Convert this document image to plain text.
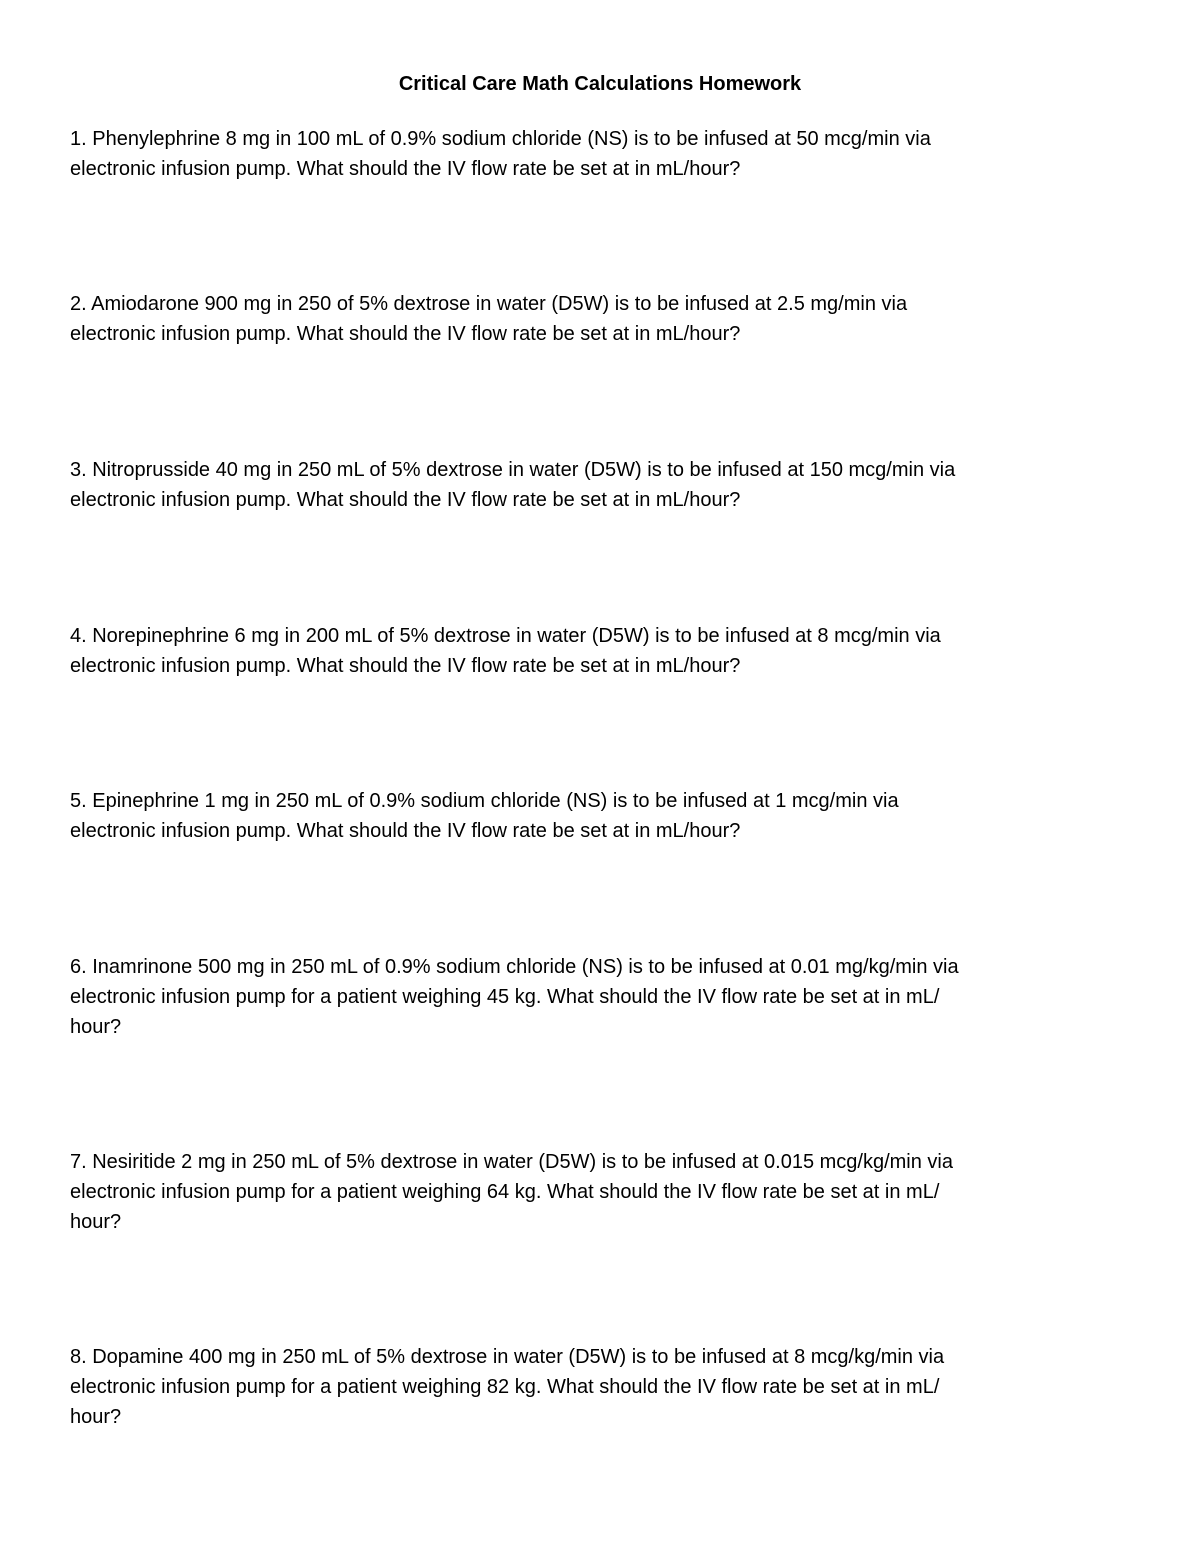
Critical Care Math Calculations Homework

1. Phenylephrine 8 mg in 100 mL of 0.9% sodium chloride (NS) is to be infused at 50 mcg/min via
electronic infusion pump. What should the IV flow rate be set at in mL/hour?

2. Amiodarone 900 mg in 250 of 5% dextrose in water (D5W) is to be infused at 2.5 mg/min via
electronic infusion pump. What should the IV flow rate be set at in mL/hour?

3. Nitroprusside 40 mg in 250 mL of 5% dextrose in water (D5W) is to be infused at 150 mcg/min via
electronic infusion pump. What should the IV flow rate be set at in mL/hour?

4. Norepinephrine 6 mg in 200 mL of 5% dextrose in water (D5W) is to be infused at 8 mcg/min via
electronic infusion pump. What should the IV flow rate be set at in mL/hour?

5. Epinephrine 1 mg in 250 mL of 0.9% sodium chloride (NS) is to be infused at 1 mcg/min via
electronic infusion pump. What should the IV flow rate be set at in mL/hour?

6. Inamrinone 500 mg in 250 mL of 0.9% sodium chloride (NS) is to be infused at 0.01 mg/kg/min via
electronic infusion pump for a patient weighing 45 kg. What should the IV flow rate be set at in mL/
hour?

7. Nesiritide 2 mg in 250 mL of 5% dextrose in water (D5W) is to be infused at 0.015 mcg/kg/min via
electronic infusion pump for a patient weighing 64 kg. What should the IV flow rate be set at in mL/
hour?

8. Dopamine 400 mg in 250 mL of 5% dextrose in water (D5W) is to be infused at 8 mcg/kg/min via
electronic infusion pump for a patient weighing 82 kg. What should the IV flow rate be set at in mL/
hour?
